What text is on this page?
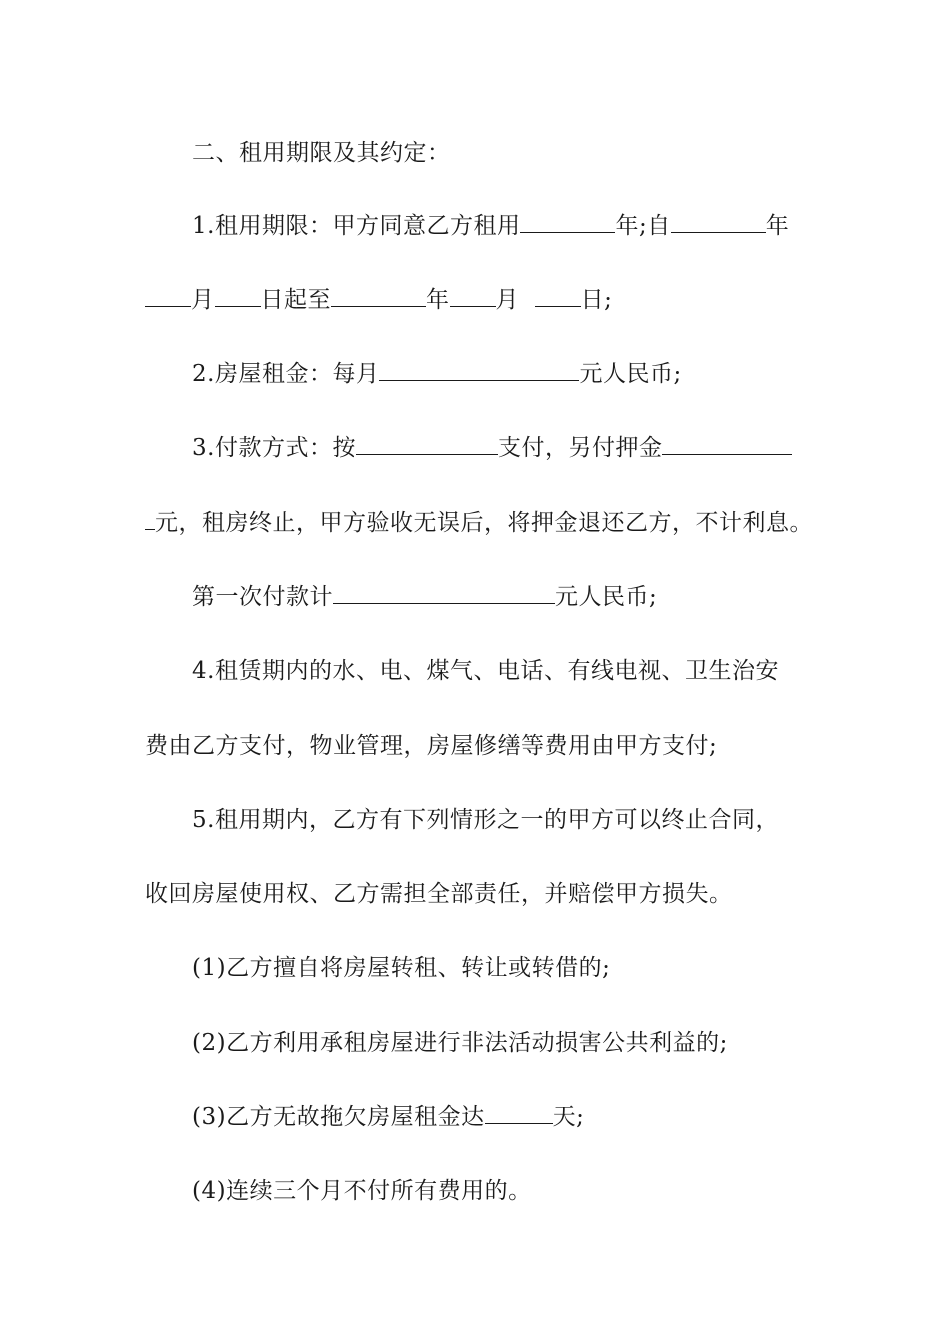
二、租用期限及其约定：
1.租用期限：甲方同意乙方租用	年;自	年
月 日起至	年 月	日;
2.房屋租金：每月	元人民币;
3.付款方式：按	支付，另付押金
元，租房终止，甲方验收无误后，将押金退还乙方，不计利息。
第一次付款计	元人民币;
4.租赁期内的水、电、煤气、电话、有线电视、卫生治安
费由乙方支付，物业管理，房屋修缮等费用由甲方支付;
5.租用期内，乙方有下列情形之一的甲方可以终止合同，
收回房屋使用权、乙方需担全部责任，并赔偿甲方损失。
(1)乙方擅自将房屋转租、转让或转借的;
(2)乙方利用承租房屋进行非法活动损害公共利益的;
(3)乙方无故拖欠房屋租金达	天;
(4)连续三个月不付所有费用的。
